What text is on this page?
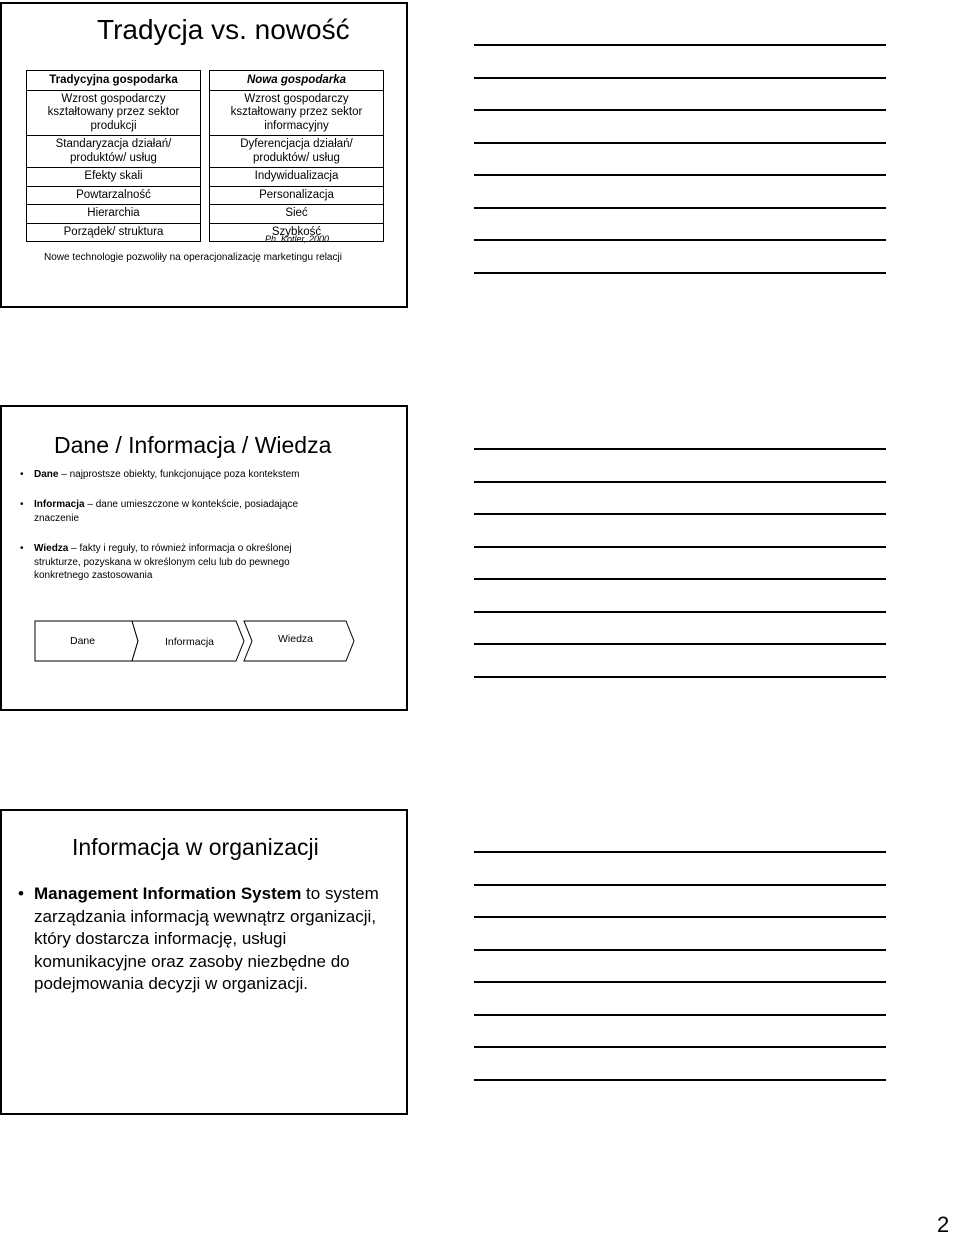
Tradycja vs. nowość
Tradycyjna gospodarka
Wzrost gospodarczy kształtowany przez sektor produkcji
Standaryzacja działań/ produktów/ usług
Efekty skali
Powtarzalność
Hierarchia
Porządek/ struktura
Nowa gospodarka
Wzrost gospodarczy kształtowany przez sektor informacyjny
Dyferencjacja działań/ produktów/ usług
Indywidualizacja
Personalizacja
Sieć
Szybkość
Ph. Kotler, 2000
Nowe technologie pozwoliły na operacjonalizację marketingu relacji
Dane / Informacja / Wiedza
• Dane – najprostsze obiekty, funkcjonujące poza kontekstem
• Informacja – dane umieszczone w kontekście, posiadające znaczenie
• Wiedza – fakty i reguły, to również informacja o określonej strukturze, pozyskana w określonym celu lub do pewnego konkretnego zastosowania
Dane	Informacja	Wiedza
Informacja w organizacji
• Management Information System to system zarządzania informacją wewnątrz organizacji, który dostarcza informację, usługi komunikacyjne oraz zasoby niezbędne do podejmowania decyzji w organizacji.
2
